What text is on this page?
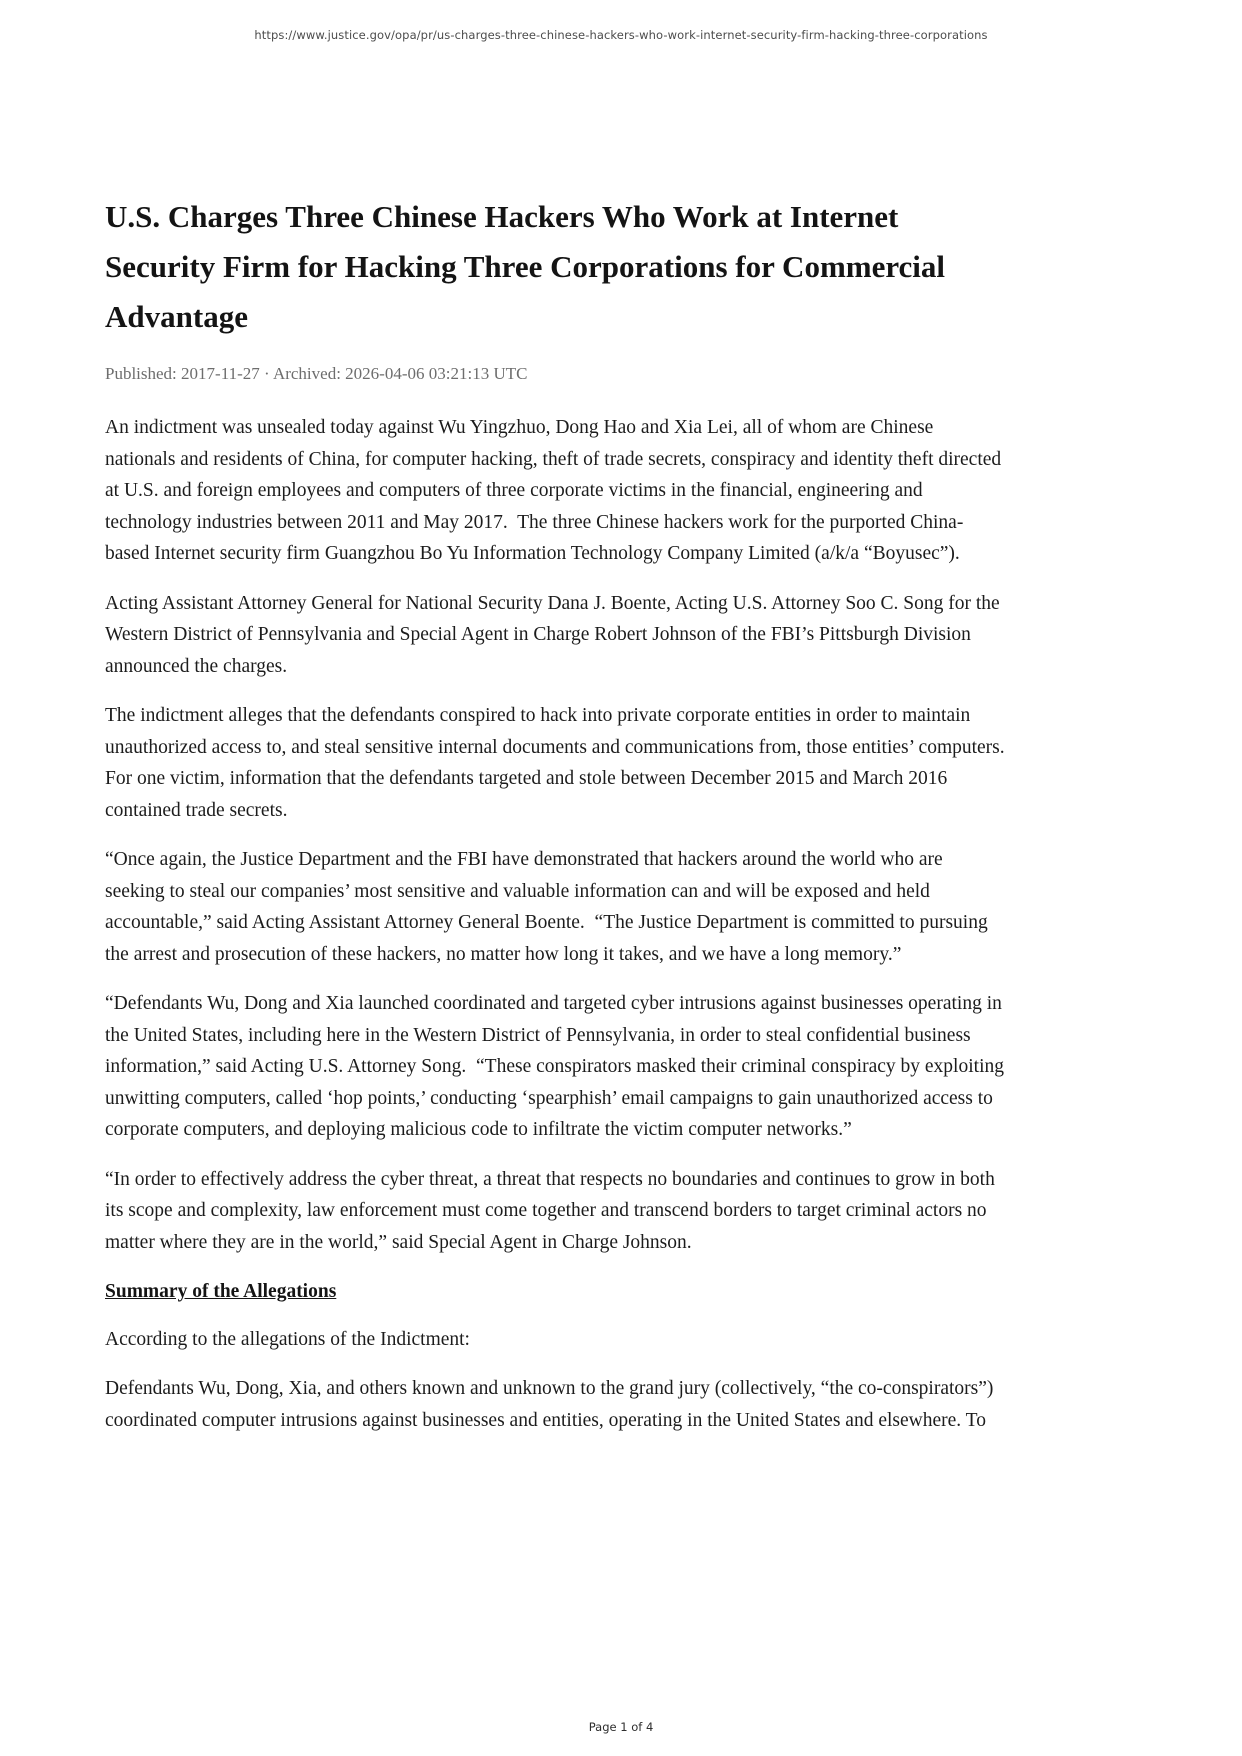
https://www.justice.gov/opa/pr/us-charges-three-chinese-hackers-who-work-internet-security-firm-hacking-three-corporations
U.S. Charges Three Chinese Hackers Who Work at Internet Security Firm for Hacking Three Corporations for Commercial Advantage

Published: 2017-11-27 · Archived: 2026-04-06 03:21:13 UTC

An indictment was unsealed today against Wu Yingzhuo, Dong Hao and Xia Lei, all of whom are Chinese nationals and residents of China, for computer hacking, theft of trade secrets, conspiracy and identity theft directed at U.S. and foreign employees and computers of three corporate victims in the financial, engineering and technology industries between 2011 and May 2017.  The three Chinese hackers work for the purported China-based Internet security firm Guangzhou Bo Yu Information Technology Company Limited (a/k/a “Boyusec”).

Acting Assistant Attorney General for National Security Dana J. Boente, Acting U.S. Attorney Soo C. Song for the Western District of Pennsylvania and Special Agent in Charge Robert Johnson of the FBI’s Pittsburgh Division announced the charges.

The indictment alleges that the defendants conspired to hack into private corporate entities in order to maintain unauthorized access to, and steal sensitive internal documents and communications from, those entities’ computers.  For one victim, information that the defendants targeted and stole between December 2015 and March 2016 contained trade secrets.

“Once again, the Justice Department and the FBI have demonstrated that hackers around the world who are seeking to steal our companies’ most sensitive and valuable information can and will be exposed and held accountable,” said Acting Assistant Attorney General Boente.  “The Justice Department is committed to pursuing the arrest and prosecution of these hackers, no matter how long it takes, and we have a long memory.”

“Defendants Wu, Dong and Xia launched coordinated and targeted cyber intrusions against businesses operating in the United States, including here in the Western District of Pennsylvania, in order to steal confidential business information,” said Acting U.S. Attorney Song.  “These conspirators masked their criminal conspiracy by exploiting unwitting computers, called ‘hop points,’ conducting ‘spearphish’ email campaigns to gain unauthorized access to corporate computers, and deploying malicious code to infiltrate the victim computer networks.”

“In order to effectively address the cyber threat, a threat that respects no boundaries and continues to grow in both its scope and complexity, law enforcement must come together and transcend borders to target criminal actors no matter where they are in the world,” said Special Agent in Charge Johnson.

Summary of the Allegations

According to the allegations of the Indictment:

Defendants Wu, Dong, Xia, and others known and unknown to the grand jury (collectively, “the co-conspirators”) coordinated computer intrusions against businesses and entities, operating in the United States and elsewhere. To

Page 1 of 4
